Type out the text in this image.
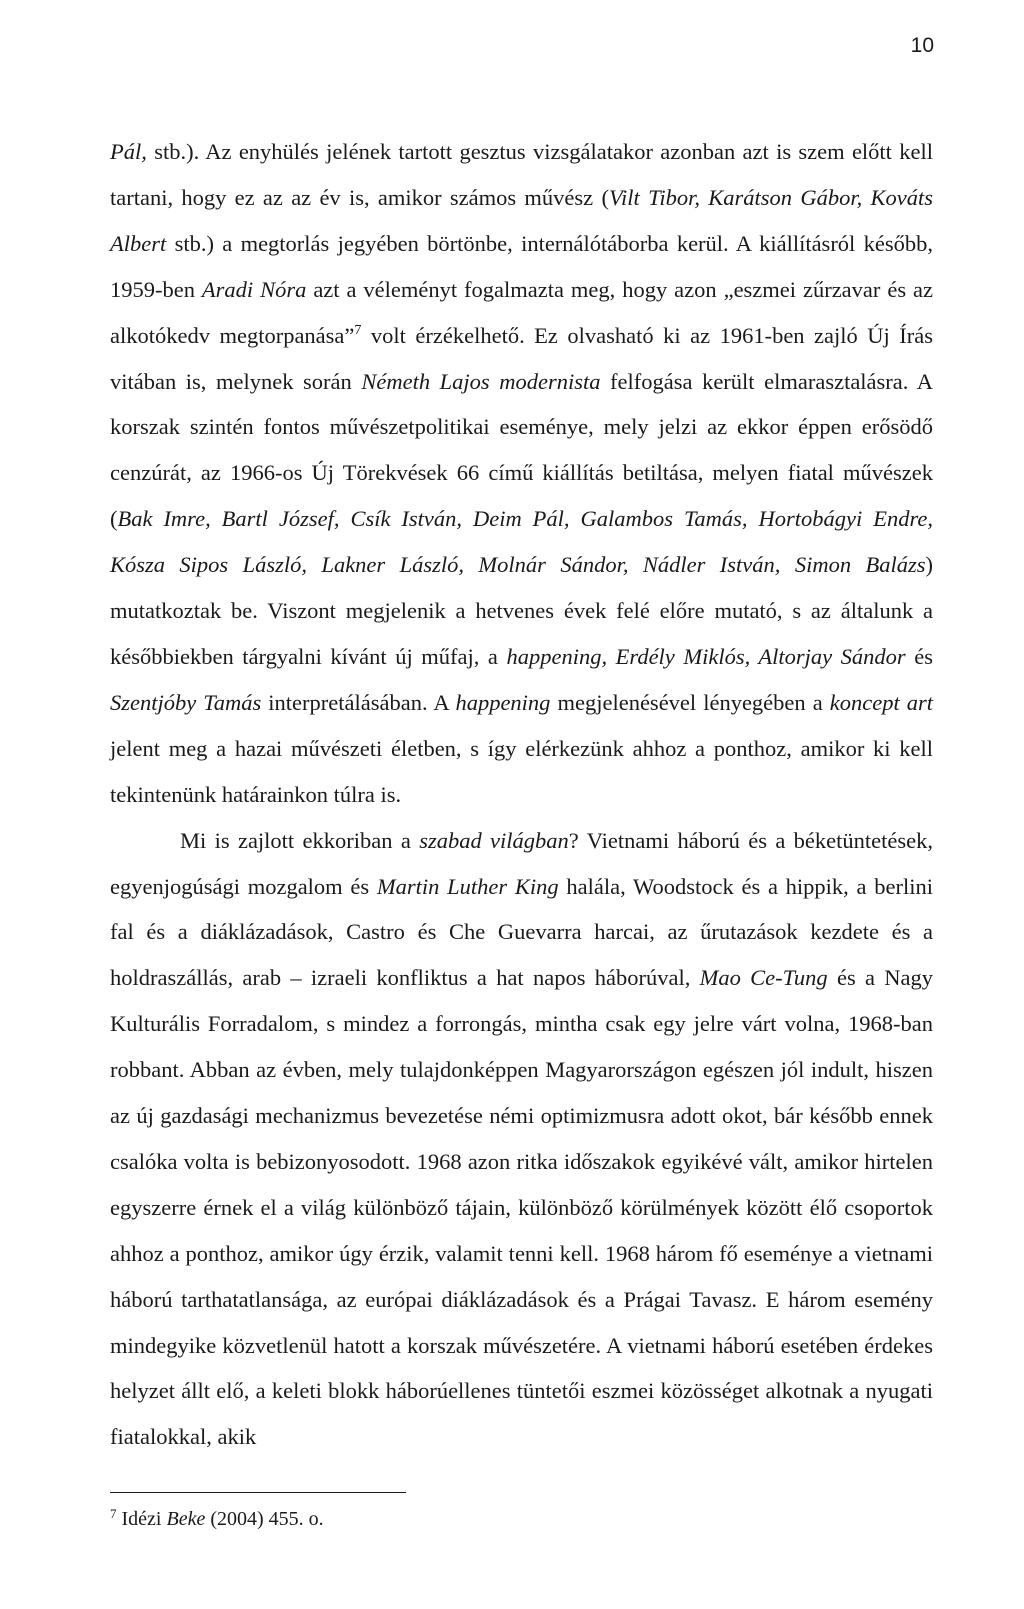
10

Pál, stb.). Az enyhülés jelének tartott gesztus vizsgálatakor azonban azt is szem előtt kell tartani, hogy ez az az év is, amikor számos művész (Vilt Tibor, Karátson Gábor, Kováts Albert stb.) a megtorlás jegyében börtönbe, internálótáborba kerül. A kiállításról később, 1959-ben Aradi Nóra azt a véleményt fogalmazta meg, hogy azon „eszmei zűrzavar és az alkotókedv megtorpanása”$^7$ volt érzékelhető. Ez olvasható ki az 1961-ben zajló Új Írás vitában is, melynek során Németh Lajos modernista felfogása került elmarasztalásra. A korszak szintén fontos művészetpolitikai eseménye, mely jelzi az ekkor éppen erősödő cenzúrát, az 1966-os Új Törekvések 66 című kiállítás betiltása, melyen fiatal művészek (Bak Imre, Bartl József, Csík István, Deim Pál, Galambos Tamás, Hortobágyi Endre, Kósza Sipos László, Lakner László, Molnár Sándor, Nádler István, Simon Balázs) mutatkoztak be. Viszont megjelenik a hetvenes évek felé előre mutató, s az általunk a későbbiekben tárgyalni kívánt új műfaj, a happening, Erdély Miklós, Altorjay Sándor és Szentjóby Tamás interpretálásában. A happening megjelenésével lényegében a koncept art jelent meg a hazai művészeti életben, s így elérkezünk ahhoz a ponthoz, amikor ki kell tekintenünk határainkon túlra is.

Mi is zajlott ekkoriban a szabad világban? Vietnami háború és a béketüntetések, egyenjogúsági mozgalom és Martin Luther King halála, Woodstock és a hippik, a berlini fal és a diáklázadások, Castro és Che Guevarra harcai, az űrutazások kezdete és a holdraszállás, arab – izraeli konfliktus a hat napos háborúval, Mao Ce-Tung és a Nagy Kulturális Forradalom, s mindez a forrongás, mintha csak egy jelre várt volna, 1968-ban robbant. Abban az évben, mely tulajdonképpen Magyarországon egészen jól indult, hiszen az új gazdasági mechanizmus bevezetése némi optimizmusra adott okot, bár később ennek csalóka volta is bebizonyosodott. 1968 azon ritka időszakok egyikévé vált, amikor hirtelen egyszerre érnek el a világ különböző tájain, különböző körülmények között élő csoportok ahhoz a ponthoz, amikor úgy érzik, valamit tenni kell. 1968 három fő eseménye a vietnami háború tarthatatlansága, az európai diáklázadások és a Prágai Tavasz. E három esemény mindegyike közvetlenül hatott a korszak művészetére. A vietnami háború esetében érdekes helyzet állt elő, a keleti blokk háborúellenes tüntetői eszmei közösséget alkotnak a nyugati fiatalokkal, akik

$^7$ Idézi Beke (2004) 455. o.
